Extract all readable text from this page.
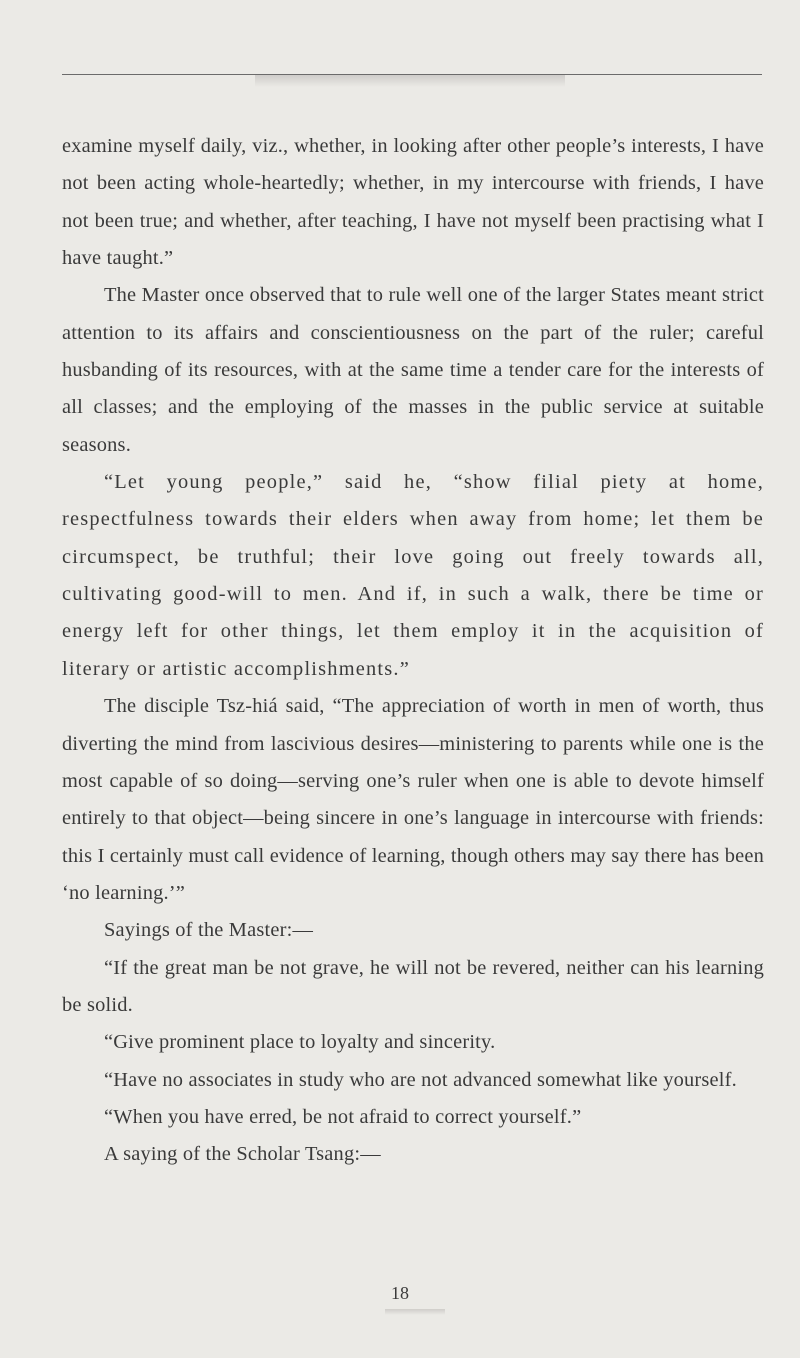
examine myself daily, viz., whether, in looking after other people’s interests, I have not been acting whole-heartedly; whether, in my intercourse with friends, I have not been true; and whether, after teaching, I have not myself been practising what I have taught.”

The Master once observed that to rule well one of the larger States meant strict attention to its affairs and conscientiousness on the part of the ruler; careful husbanding of its resources, with at the same time a tender care for the interests of all classes; and the employing of the masses in the public service at suitable seasons.

“Let young people,” said he, “show filial piety at home, respectfulness towards their elders when away from home; let them be circumspect, be truthful; their love going out freely towards all, cultivating good-will to men. And if, in such a walk, there be time or energy left for other things, let them employ it in the acquisition of literary or artistic accomplishments.”

The disciple Tsz-hiá said, “The appreciation of worth in men of worth, thus diverting the mind from lascivious desires—ministering to parents while one is the most capable of so doing—serving one’s ruler when one is able to devote himself entirely to that object—being sincere in one’s language in intercourse with friends: this I certainly must call evidence of learning, though others may say there has been ‘no learning.’”

Sayings of the Master:—

“If the great man be not grave, he will not be revered, neither can his learning be solid.

“Give prominent place to loyalty and sincerity.

“Have no associates in study who are not advanced somewhat like yourself.

“When you have erred, be not afraid to correct yourself.”

A saying of the Scholar Tsang:—

18
